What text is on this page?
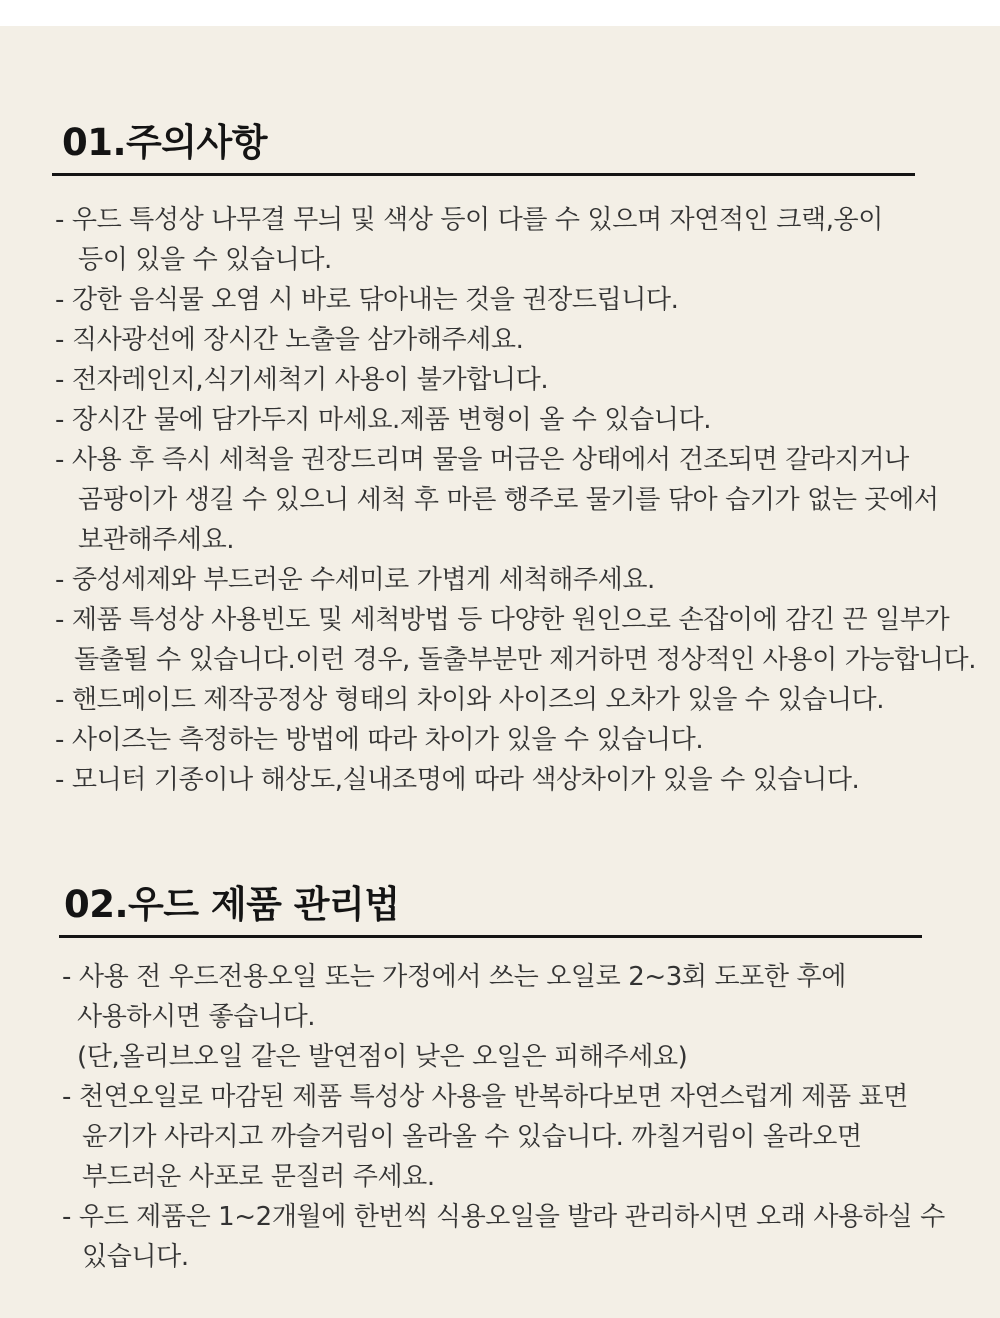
01.주의사항
- 우드 특성상 나무결 무늬 및 색상 등이 다를 수 있으며 자연적인 크랙,옹이
등이 있을 수 있습니다.
- 강한 음식물 오염 시 바로 닦아내는 것을 권장드립니다.
- 직사광선에 장시간 노출을 삼가해주세요.
- 전자레인지,식기세척기 사용이 불가합니다.
- 장시간 물에 담가두지 마세요.제품 변형이 올 수 있습니다.
- 사용 후 즉시 세척을 권장드리며 물을 머금은 상태에서 건조되면 갈라지거나
곰팡이가 생길 수 있으니 세척 후 마른 행주로 물기를 닦아 습기가 없는 곳에서
보관해주세요.
- 중성세제와 부드러운 수세미로 가볍게 세척해주세요.
- 제품 특성상 사용빈도 및 세척방법 등 다양한 원인으로 손잡이에 감긴 끈 일부가
돌출될 수 있습니다.이런 경우, 돌출부분만 제거하면 정상적인 사용이 가능합니다.
- 핸드메이드 제작공정상 형태의 차이와 사이즈의 오차가 있을 수 있습니다.
- 사이즈는 측정하는 방법에 따라 차이가 있을 수 있습니다.
- 모니터 기종이나 해상도,실내조명에 따라 색상차이가 있을 수 있습니다.
02.우드 제품 관리법
- 사용 전 우드전용오일 또는 가정에서 쓰는 오일로 2~3회 도포한 후에
사용하시면 좋습니다.
(단,올리브오일 같은 발연점이 낮은 오일은 피해주세요)
- 천연오일로 마감된 제품 특성상 사용을 반복하다보면 자연스럽게 제품 표면
윤기가 사라지고 까슬거림이 올라올 수 있습니다. 까칠거림이 올라오면
부드러운 사포로 문질러 주세요.
- 우드 제품은 1~2개월에 한번씩 식용오일을 발라 관리하시면 오래 사용하실 수
있습니다.
